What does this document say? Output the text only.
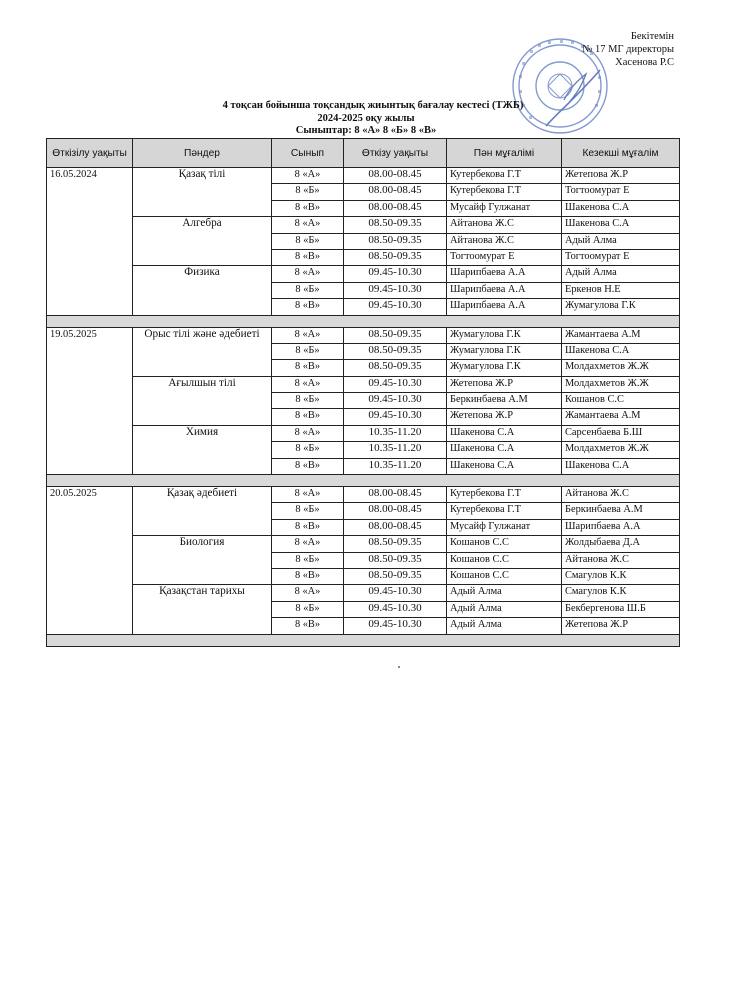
Бекітемін
№ 17 МГ директоры
Хасенова Р.С
4 тоқсан бойынша тоқсандық жиынтық бағалау кестесі (ТЖБ)
2024-2025 оқу жылы
Сыныптар: 8 «А» 8 «Б» 8 «В»
Өткізілу уақыты	Пәндер	Сынып	Өткізу уақыты	Пән мұғалімі	Кезекші мұғалім
16.05.2024	Қазақ тілі	8 «А»	08.00-08.45	Кутербекова Г.Т	Жетепова Ж.Р
		8 «Б»	08.00-08.45	Кутербекова Г.Т	Тогтоомурат Е
		8 «В»	08.00-08.45	Мусайф Гулжанат	Шакенова С.А
	Алгебра	8 «А»	08.50-09.35	Айтанова Ж.С	Шакенова С.А
		8 «Б»	08.50-09.35	Айтанова Ж.С	Адый Алма
		8 «В»	08.50-09.35	Тогтоомурат Е	Тогтоомурат Е
	Физика	8 «А»	09.45-10.30	Шарипбаева А.А	Адый Алма
		8 «Б»	09.45-10.30	Шарипбаева А.А	Еркенов Н.Е
		8 «В»	09.45-10.30	Шарипбаева А.А	Жумагулова Г.К

19.05.2025	Орыс тілі және әдебиеті	8 «А»	08.50-09.35	Жумагулова Г.К	Жамантаева А.М
		8 «Б»	08.50-09.35	Жумагулова Г.К	Шакенова С.А
		8 «В»	08.50-09.35	Жумагулова Г.К	Молдахметов Ж.Ж
	Ағылшын тілі	8 «А»	09.45-10.30	Жетепова Ж.Р	Молдахметов Ж.Ж
		8 «Б»	09.45-10.30	Беркинбаева А.М	Кошанов С.С
		8 «В»	09.45-10.30	Жетепова Ж.Р	Жамантаева А.М
	Химия	8 «А»	10.35-11.20	Шакенова С.А	Сарсенбаева Б.Ш
		8 «Б»	10.35-11.20	Шакенова С.А	Молдахметов Ж.Ж
		8 «В»	10.35-11.20	Шакенова С.А	Шакенова С.А

20.05.2025	Қазақ әдебиеті	8 «А»	08.00-08.45	Кутербекова Г.Т	Айтанова Ж.С
		8 «Б»	08.00-08.45	Кутербекова Г.Т	Беркинбаева А.М
		8 «В»	08.00-08.45	Мусайф Гулжанат	Шарипбаева А.А
	Биология	8 «А»	08.50-09.35	Кошанов С.С	Жолдыбаева Д.А
		8 «Б»	08.50-09.35	Кошанов С.С	Айтанова Ж.С
		8 «В»	08.50-09.35	Кошанов С.С	Смагулов К.К
	Қазақстан тарихы	8 «А»	09.45-10.30	Адый Алма	Смагулов К.К
		8 «Б»	09.45-10.30	Адый Алма	Бекбергенова Ш.Б
		8 «В»	09.45-10.30	Адый Алма	Жетепова Ж.Р
